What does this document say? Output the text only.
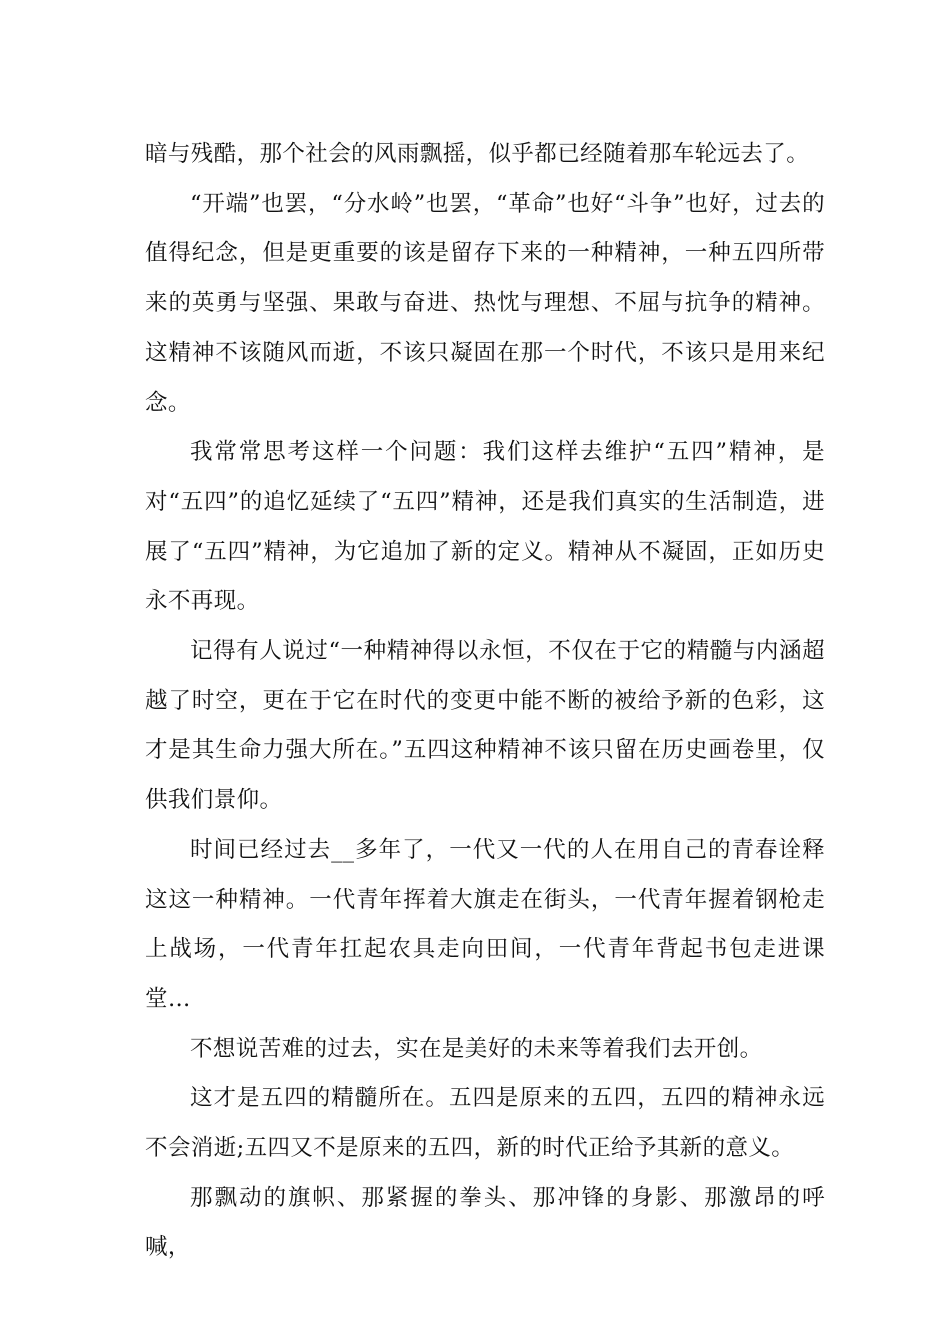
暗与残酷，那个社会的风雨飘摇，似乎都已经随着那车轮远去了。

“开端”也罢，“分水岭”也罢，“革命”也好“斗争”也好，过去的值得纪念，但是更重要的该是留存下来的一种精神，一种五四所带来的英勇与坚强、果敢与奋进、热忱与理想、不屈与抗争的精神。这精神不该随风而逝，不该只凝固在那一个时代，不该只是用来纪念。

我常常思考这样一个问题：我们这样去维护“五四”精神，是对“五四”的追忆延续了“五四”精神，还是我们真实的生活制造，进展了“五四”精神，为它追加了新的定义。精神从不凝固，正如历史永不再现。

记得有人说过“一种精神得以永恒，不仅在于它的精髓与内涵超越了时空，更在于它在时代的变更中能不断的被给予新的色彩，这才是其生命力强大所在。”五四这种精神不该只留在历史画卷里，仅供我们景仰。

时间已经过去__多年了，一代又一代的人在用自己的青春诠释这这一种精神。一代青年挥着大旗走在街头，一代青年握着钢枪走上战场，一代青年扛起农具走向田间，一代青年背起书包走进课堂…

不想说苦难的过去，实在是美好的未来等着我们去开创。

这才是五四的精髓所在。五四是原来的五四，五四的精神永远不会消逝;五四又不是原来的五四，新的时代正给予其新的意义。

那飘动的旗帜、那紧握的拳头、那冲锋的身影、那激昂的呼喊，
